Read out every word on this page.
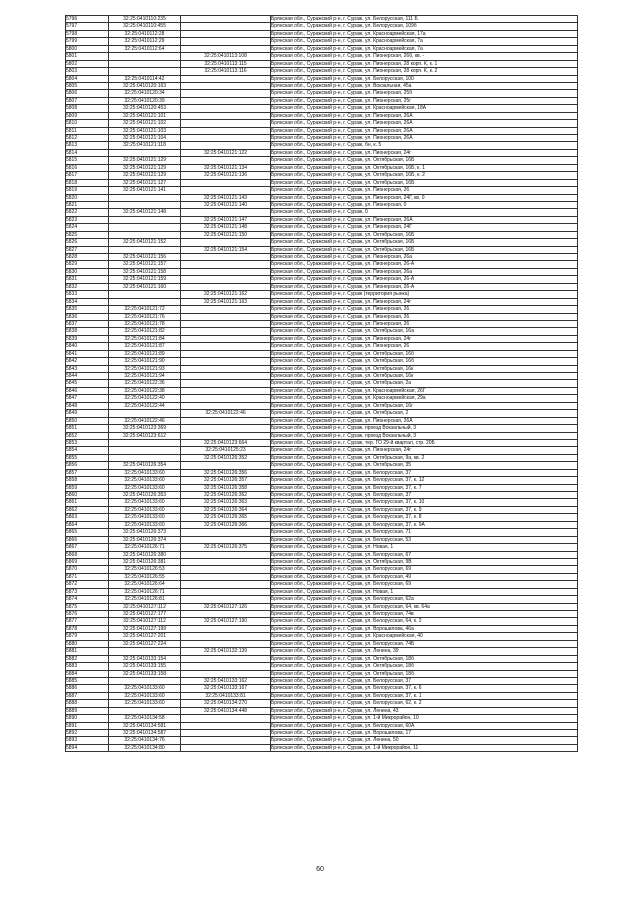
5796	32:25:0410110:235		Брянская обл., Суражский р-н, г. Сураж, ул. Белорусская, 111 Б
5797	32:25:0410110:455		Брянская обл., Суражский р-н, г. Сураж, ул. Белорусская, 109б
5798	32:25:0410112:28		Брянская обл., Суражский р-н, г. Сураж, ул. Красноармейская, 17а
5799	32:25:0410112:29		Брянская обл., Суражский р-н, г. Сураж, ул. Красноармейская, 7а
5800	32:25:0410112:64		Брянская обл., Суражский р-н, г. Сураж, ул. Красноармейская, 7а
5801		32:25:0410113:108	Брянская обл., Суражский р-н, г. Сураж, ул. Пионерская, 26б, кв. -
5802		32:25:0410113:115	Брянская обл., Суражский р-н, г. Сураж, ул. Пионерская, 28 корп. К, к. 1
5803		32:25:0410113:116	Брянская обл., Суражский р-н, г. Сураж, ул. Пионерская, 28 корп. К, к. 2
5804	32:25:0410114:42		Брянская обл., Суражский р-н, г. Сураж, ул. Белорусская, 100
5805	32:25:0410120:163		Брянская обл., Суражский р-н, г. Сураж, ул. Вокзальная, 45а
5806	32:25:0410120:34		Брянская обл., Суражский р-н, г. Сураж, ул. Пионерская, 25б
5807	32:25:0410120:39		Брянская обл., Суражский р-н, г. Сураж, ул. Пионерская, 25г
5808	32:25:0410120:453		Брянская обл., Суражский р-н, г. Сураж, ул. Красноармейская, 18А
5809	32:25:0410121:101		Брянская обл., Суражский р-н, г. Сураж, ул. Пионерская, 26А
5810	32:25:0410121:102		Брянская обл., Суражский р-н, г. Сураж, ул. Пионерская, 26А
5811	32:25:0410121:103		Брянская обл., Суражский р-н, г. Сураж, ул. Пионерская, 26А
5812	32:25:0410121:104		Брянская обл., Суражский р-н, г. Сураж, ул. Пионерская, 26А
5813	32:25:0410121:118		Брянская обл., Суражский р-н, г. Сураж, бн, к. 5
5814		32:25:0410121:122	Брянская обл., Суражский р-н, г. Сураж, ул. Пионерская, 24г
5815	32:25:0410121:129		Брянская обл., Суражский р-н, г. Сураж, ул. Октябрьская, 16Б
5816	32:25:0410121:129	32:25:0410121:134	Брянская обл., Суражский р-н, г. Сураж, ул. Октябрьская, 16Б, к. 1
5817	32:25:0410121:129	32:25:0410121:136	Брянская обл., Суражский р-н, г. Сураж, ул. Октябрьская, 16Б, к. 2
5818	32:25:0410121:127		Брянская обл., Суражский р-н, г. Сураж, ул. Октябрьская, 16Б
5819	32:25:0410121:141		Брянская обл., Суражский р-н, г. Сураж, ул. Пионерская, 26
5820		32:25:0410121:143	Брянская обл., Суражский р-н, г. Сураж, ул. Пионерская, 24Г, кв. 0
5821		32:25:0410121:140	Брянская обл., Суражский р-н, г. Сураж, ул. Пионерская, 0
5822	32:25:0410121:148		Брянская обл., Суражский р-н, г. Сураж, 0
5823		32:25:0410121:147	Брянская обл., Суражский р-н, г. Сураж, ул. Пионерская, 26А
5824		32:25:0410121:148	Брянская обл., Суражский р-н, г. Сураж, ул. Пионерская, 24Г
5825		32:25:0410121:150	Брянская обл., Суражский р-н, г. Сураж, ул. Октябрьская, 16Б
5826	32:25:0410121:152		Брянская обл., Суражский р-н, г. Сураж, ул. Октябрьская, 16Б
5827		32:25:0410121:154	Брянская обл., Суражский р-н, г. Сураж, ул. Октябрьская, 16Б
5828	32:25:0410121:156		Брянская обл., Суражский р-н, г. Сураж, ул. Пионерская, 26а
5829	32:25:0410121:157		Брянская обл., Суражский р-н, г. Сураж, ул. Пионерская, 26-А
5830	32:25:0410121:158		Брянская обл., Суражский р-н, г. Сураж, ул. Пионерская, 26а
5831	32:25:0410121:159		Брянская обл., Суражский р-н, г. Сураж, ул. Пионерская, 26-А
5832	32:25:0410121:160		Брянская обл., Суражский р-н, г. Сураж, ул. Пионерская, 26-А
5833		32:25:0410121:162	Брянская обл., Суражский р-н, г. Сураж (территория рынка)
5834		32:25:0410121:163	Брянская обл., Суражский р-н, г. Сураж, ул. Пионерская, 24г
5835	32:25:0410121:72		Брянская обл., Суражский р-н, г. Сураж, ул. Пионерская, 26
5836	32:25:0410121:76		Брянская обл., Суражский р-н, г. Сураж, ул. Пионерская, 26
5837	32:25:0410121:78		Брянская обл., Суражский р-н, г. Сураж, ул. Пионерская, 26
5838	32:25:0410121:82		Брянская обл., Суражский р-н, г. Сураж, ул. Октябрьская, 16а
5839	32:25:0410121:84		Брянская обл., Суражский р-н, г. Сураж, ул. Пионерская, 24г
5840	32:25:0410121:87		Брянская обл., Суражский р-н, г. Сураж, ул. Пионерская, 26
5841	32:25:0410121:89		Брянская обл., Суражский р-н, г. Сураж, ул. Октябрьская, 16б
5842	32:25:0410121:90		Брянская обл., Суражский р-н, г. Сураж, ул. Октябрьская, 16б
5843	32:25:0410121:93		Брянская обл., Суражский р-н, г. Сураж, ул. Октябрьская, 16к
5844	32:25:0410121:94		Брянская обл., Суражский р-н, г. Сураж, ул. Октябрьская, 16к
5845	32:25:0410122:36		Брянская обл., Суражский р-н, г. Сураж, ул. Октябрьская, 2а
5846	32:25:0410122:38		Брянская обл., Суражский р-н, г. Сураж, ул. Красноармейская, 26Г
5847	32:25:0410122:40		Брянская обл., Суражский р-н, г. Сураж, ул. Красноармейская, 29а
5848	32:25:0410122:44		Брянская обл., Суражский р-н, г. Сураж, ул. Октябрьская, 16г
5849		32:25:0410122:46	Брянская обл., Суражский р-н, г. Сураж, ул. Октябрьская, 2
5850	32:25:0410122:46		Брянская обл., Суражский р-н, г. Сураж, ул. Пионерская, 26А
5851	32:25:0410123:369		Брянская обл., Суражский р-н, г. Сураж, проезд Вокзальный, 3
5852	32:25:0410123:612		Брянская обл., Суражский р-н, г. Сураж, проезд Вокзальный, 3
5853		32:25:0410123:664	Брянская обл., Суражский р-н, г. Сураж, тер. ГО 29-й квартал, стр. 20Б
5854		32:25:0410125:23	Брянская обл., Суражский р-н, г. Сураж, ул. Пионерская, 24г
5855		32:25:0410126:352	Брянская обл., Суражский р-н, г. Сураж, ул. Октябрьская, 9а, кв. 2
5856	32:25:0410126:354		Брянская обл., Суражский р-н, г. Сураж, ул. Октябрьская, 35
5857	32:25:0410133:60	32:25:0410126:356	Брянская обл., Суражский р-н, г. Сураж, ул. Белорусская, 37
5858	32:25:0410133:60	32:25:0410126:357	Брянская обл., Суражский р-н, г. Сураж, ул. Белорусская, 37, к. 12
5859	32:25:0410133:60	32:25:0410126:358	Брянская обл., Суражский р-н, г. Сураж, ул. Белорусская, 37, к. 7
5860	32:25:0410126:353	32:25:0410126:362	Брянская обл., Суражский р-н, г. Сураж, ул. Белорусская, 37
5861	32:25:0410133:60	32:25:0410126:363	Брянская обл., Суражский р-н, г. Сураж, ул. Белорусская, 37, к. 10
5862	32:25:0410133:60	32:25:0410126:364	Брянская обл., Суражский р-н, г. Сураж, ул. Белорусская, 37, к. 9
5863	32:25:0410133:60	32:25:0410126:365	Брянская обл., Суражский р-н, г. Сураж, ул. Белорусская, 37, к. 8
5864	32:25:0410133:60	32:25:0410126:366	Брянская обл., Суражский р-н, г. Сураж, ул. Белорусская, 37, к. 9А
5865	32:25:0410126:373		Брянская обл., Суражский р-н, г. Сураж, ул. Белорусская, 71
5866	32:25:0410126:374		Брянская обл., Суражский р-н, г. Сураж, ул. Белорусская, 53
5867	32:25:0410126:71	32:25:0410126:375	Брянская обл., Суражский р-н, г. Сураж, ул. Новая, 1
5868	32:25:0410126:380		Брянская обл., Суражский р-н, г. Сураж, ул. Белорусская, 67
5869	32:25:0410126:381		Брянская обл., Суражский р-н, г. Сураж, ул. Октябрьская, 9В
5870	32:25:0410126:53		Брянская обл., Суражский р-н, г. Сураж, ул. Белорусская, 69
5871	32:25:0410126:55		Брянская обл., Суражский р-н, г. Сураж, ул. Белорусская, 49
5872	32:25:0410126:64		Брянская обл., Суражский р-н, г. Сураж, ул. Белорусская, 69
5873	32:25:0410126:71		Брянская обл., Суражский р-н, г. Сураж, ул. Новая, 1
5874	32:25:0410126:81		Брянская обл., Суражский р-н, г. Сураж, ул. Белорусская, 62а
5875	32:25:0410127:112	32:25:0410127:126	Брянская обл., Суражский р-н, г. Сураж, ул. Белорусская, 64, кв. 64а
5876	32:25:0410127:177		Брянская обл., Суражский р-н, г. Сураж, ул. Белорусская, 74в
5877	32:25:0410127:112	32:25:0410127:190	Брянская обл., Суражский р-н, г. Сураж, ул. Белорусская, 64, к. 2
5878	32:25:0410127:199		Брянская обл., Суражский р-н, г. Сураж, ул. Ворошилова, 46а
5879	32:25:0410127:201		Брянская обл., Суражский р-н, г. Сураж, ул. Красноармейская, 40
5880	32:25:0410127:224		Брянская обл., Суражский р-н, г. Сураж, ул. Белорусская, 74Б
5881		32:25:0410132:139	Брянская обл., Суражский р-н, г. Сураж, ул. Ленина, 39
5882	32:25:0410133:154		Брянская обл., Суражский р-н, г. Сураж, ул. Октябрьская, 18б
5883	32:25:0410133:155		Брянская обл., Суражский р-н, г. Сураж, ул. Октябрьская, 18б
5884	32:25:0410133:158		Брянская обл., Суражский р-н, г. Сураж, ул. Октябрьская, 18б
5885		32:25:0410133:162	Брянская обл., Суражский р-н, г. Сураж, ул. Белорусская, 37
5886	32:25:0410133:60	32:25:0410133:167	Брянская обл., Суражский р-н, г. Сураж, ул. Белорусская, 37, к. 6
5887	32:25:0410133:60	32:25:0410133:81	Брянская обл., Суражский р-н, г. Сураж, ул. Белорусская, 37, к. 1
5888	32:25:0410133:60	32:25:0410134:270	Брянская обл., Суражский р-н, г. Сураж, ул. Белорусская, 62, к. 2
5889		32:25:0410134:448	Брянская обл., Суражский р-н, г. Сураж, ул. Ленина, 43
5890	32:25:0410134:58		Брянская обл., Суражский р-н, г. Сураж, ул. 1-й Микрорайон, 10
5891	32:25:0410134:581		Брянская обл., Суражский р-н, г. Сураж, ул. Белорусская, 60А
5892	32:25:0410134:587		Брянская обл., Суражский р-н, г. Сураж, ул. Ворошилова, 17
5893	32:25:0410134:76		Брянская обл., Суражский р-н, г. Сураж, ул. Ленина, 50
5894	32:25:0410134:80		Брянская обл., Суражский р-н, г. Сураж, ул. 1-й Микрорайон, 11
60
